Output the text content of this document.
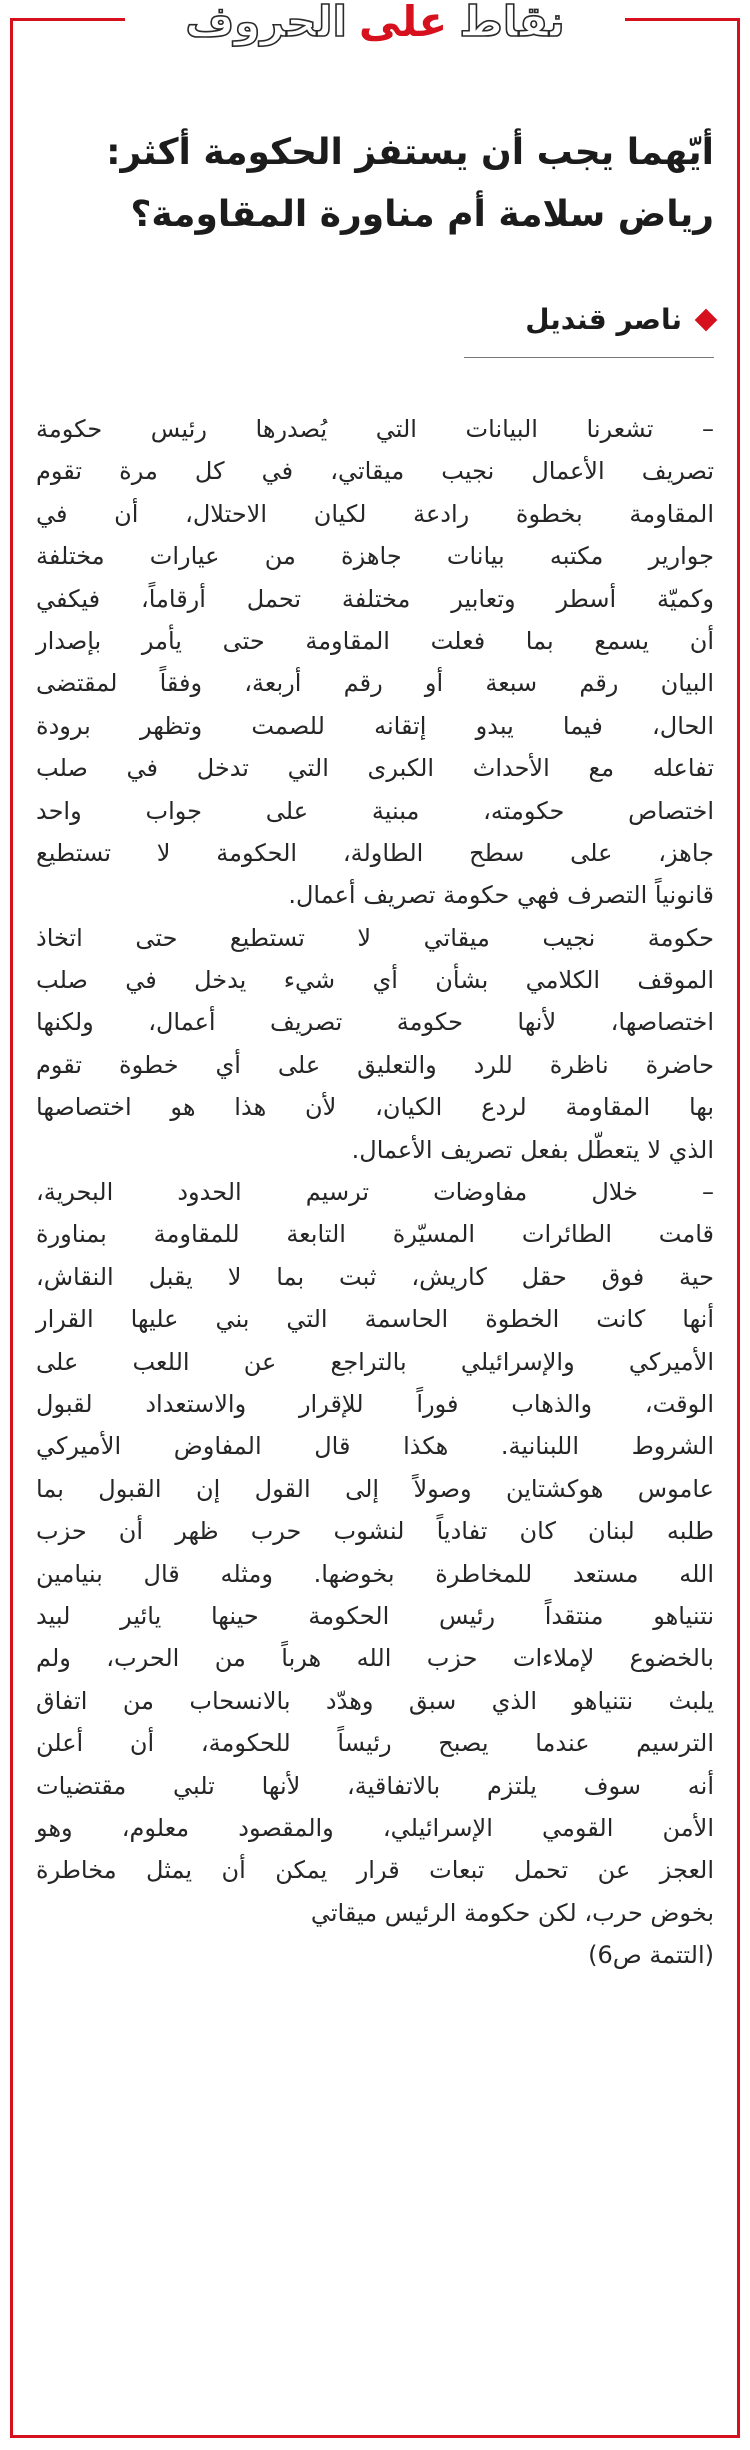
نقاط
على
الحروف
أيّهما يجب أن يستفز الحكومة أكثر:
رياض سلامة أم مناورة المقاومة؟
ناصر قنديل
– تشعرنا البيانات التي يُصدرها رئيس حكومة
تصريف الأعمال نجيب ميقاتي، في كل مرة تقوم
المقاومة بخطوة رادعة لكيان الاحتلال، أن في
جوارير مكتبه بيانات جاهزة من عيارات مختلفة
وكميّة أسطر وتعابير مختلفة تحمل أرقاماً، فيكفي
أن يسمع بما فعلت المقاومة حتى يأمر بإصدار
البيان رقم سبعة أو رقم أربعة، وفقاً لمقتضى
الحال، فيما يبدو إتقانه للصمت وتظهر برودة
تفاعله مع الأحداث الكبرى التي تدخل في صلب
اختصاص حكومته، مبنية على جواب واحد
جاهز، على سطح الطاولة، الحكومة لا تستطيع
قانونياً التصرف فهي حكومة تصريف أعمال.
حكومة نجيب ميقاتي لا تستطيع حتى اتخاذ
الموقف الكلامي بشأن أي شيء يدخل في صلب
اختصاصها، لأنها حكومة تصريف أعمال، ولكنها
حاضرة ناظرة للرد والتعليق على أي خطوة تقوم
بها المقاومة لردع الكيان، لأن هذا هو اختصاصها
الذي لا يتعطّل بفعل تصريف الأعمال.
– خلال مفاوضات ترسيم الحدود البحرية،
قامت الطائرات المسيّرة التابعة للمقاومة بمناورة
حية فوق حقل كاريش، ثبت بما لا يقبل النقاش،
أنها كانت الخطوة الحاسمة التي بني عليها القرار
الأميركي والإسرائيلي بالتراجع عن اللعب على
الوقت، والذهاب فوراً للإقرار والاستعداد لقبول
الشروط اللبنانية. هكذا قال المفاوض الأميركي
عاموس هوكشتاين وصولاً إلى القول إن القبول بما
طلبه لبنان كان تفادياً لنشوب حرب ظهر أن حزب
الله مستعد للمخاطرة بخوضها. ومثله قال بنيامين
نتنياهو منتقداً رئيس الحكومة حينها يائير لبيد
بالخضوع لإملاءات حزب الله هرباً من الحرب، ولم
يلبث نتنياهو الذي سبق وهدّد بالانسحاب من اتفاق
الترسيم عندما يصبح رئيساً للحكومة، أن أعلن
أنه سوف يلتزم بالاتفاقية، لأنها تلبي مقتضيات
الأمن القومي الإسرائيلي، والمقصود معلوم، وهو
العجز عن تحمل تبعات قرار يمكن أن يمثل مخاطرة
بخوض حرب، لكن حكومة الرئيس ميقاتي
(التتمة ص6)
